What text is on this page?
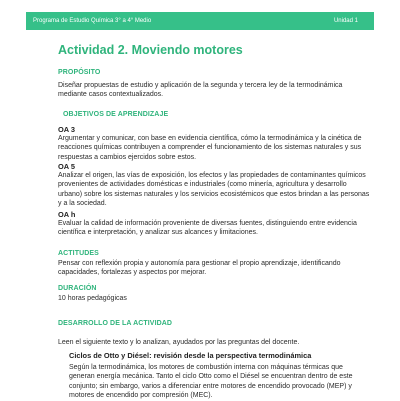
Programa de Estudio Química 3° a 4° Medio	Unidad 1
Actividad 2. Moviendo motores
PROPÓSITO

Diseñar propuestas de estudio y aplicación de la segunda y tercera ley de la termodinámica mediante casos contextualizados.

OBJETIVOS DE APRENDIZAJE
OA 3

Argumentar y comunicar, con base en evidencia científica, cómo la termodinámica y la cinética de reacciones químicas contribuyen a comprender el funcionamiento de los sistemas naturales y sus respuestas a cambios ejercidos sobre estos.

OA 5

Analizar el origen, las vías de exposición, los efectos y las propiedades de contaminantes químicos provenientes de actividades domésticas e industriales (como minería, agricultura y desarrollo urbano) sobre los sistemas naturales y los servicios ecosistémicos que estos brindan a las personas y a la sociedad.

OA h

Evaluar la calidad de información proveniente de diversas fuentes, distinguiendo entre evidencia científica e interpretación, y analizar sus alcances y limitaciones.

ACTITUDES

Pensar con reflexión propia y autonomía para gestionar el propio aprendizaje, identificando capacidades, fortalezas y aspectos por mejorar.

DURACIÓN

10 horas pedagógicas

DESARROLLO DE LA ACTIVIDAD

Leen el siguiente texto y lo analizan, ayudados por las preguntas del docente.

Ciclos de Otto y Diésel: revisión desde la perspectiva termodinámica

Según la termodinámica, los motores de combustión interna con máquinas térmicas que generan energía mecánica. Tanto el ciclo Otto como el Diésel se encuentran dentro de este conjunto; sin embargo, varios a diferenciar entre motores de encendido provocado (MEP) y motores de encendido por compresión (MEC).
